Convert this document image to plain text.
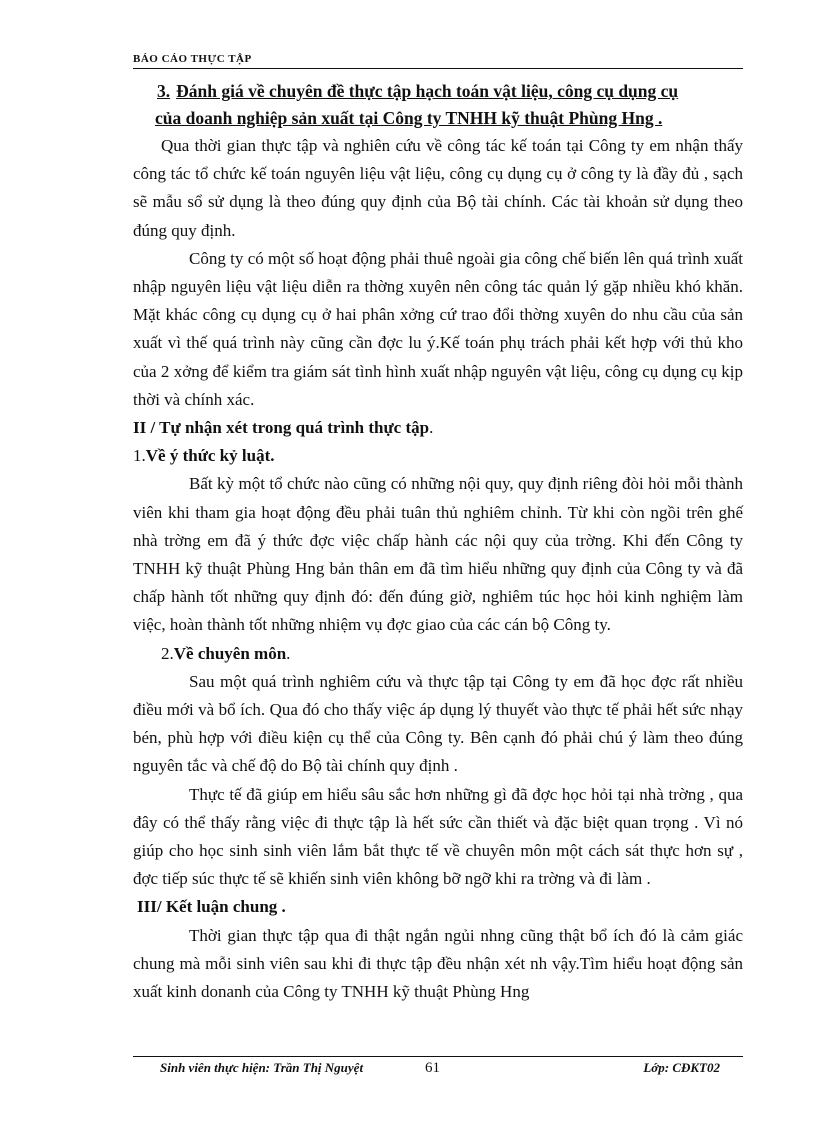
BÁO CÁO THỰC TẬP
3. Đánh giá về chuyên đề thực tập hạch toán vật liệu, công cụ dụng cụ
của doanh nghiệp sản xuất tại Công ty TNHH kỹ thuật Phùng Hng .

Qua thời gian thực tập và nghiên cứu về công tác kế toán tại Công ty em nhận thấy công tác tổ chức kế toán nguyên liệu vật liệu, công cụ dụng cụ ở công ty là đầy đủ , sạch sẽ mẫu sổ sử dụng là theo đúng quy định của Bộ tài chính. Các tài khoản sử dụng theo đúng quy định.

Công ty có một số hoạt động phải thuê ngoài gia công chế biến lên quá trình xuất nhập nguyên liệu vật liệu diễn ra thờng xuyên nên công tác quản lý gặp nhiều khó khăn. Mặt khác công cụ dụng cụ ở hai phân xởng cứ trao đổi thờng xuyên do nhu cầu của sản xuất vì thế quá trình này cũng cần đợc lu ý.Kế toán phụ trách phải kết hợp với thủ kho của 2 xởng để kiểm tra giám sát tình hình xuất nhập nguyên vật liệu, công cụ dụng cụ kịp thời và chính xác.

II / Tự nhận xét trong quá trình thực tập.
1.Về ý thức kỷ luật.

Bất kỳ một tổ chức nào cũng có những nội quy, quy định riêng đòi hỏi mỗi thành viên khi tham gia hoạt động đều phải tuân thủ nghiêm chỉnh. Từ khi còn ngồi trên ghế nhà trờng em đã ý thức đợc việc chấp hành các nội quy của trờng. Khi đến Công ty TNHH kỹ thuật Phùng Hng bản thân em đã tìm hiểu những quy định của Công ty và đã chấp hành tốt những quy định đó: đến đúng giờ, nghiêm túc học hỏi kinh nghiệm làm việc, hoàn thành tốt những nhiệm vụ đợc giao của các cán bộ Công ty.

2.Về chuyên môn.

Sau một quá trình nghiêm cứu và thực tập tại Công ty em đã học đợc rất nhiều điều mới và bổ ích. Qua đó cho thấy việc áp dụng lý thuyết vào thực tế phải hết sức nhạy bén, phù hợp với điều kiện cụ thể của Công ty. Bên cạnh đó phải chú ý làm theo đúng nguyên tắc và chế độ do Bộ tài chính quy định .

Thực tế đã giúp em hiểu sâu sắc hơn những gì đã đợc học hỏi tại nhà trờng , qua đây có thể thấy rằng việc đi thực tập là hết sức cần thiết và đặc biệt quan trọng . Vì nó giúp cho học sinh sinh viên lắm bắt thực tế về chuyên môn một cách sát thực hơn sự , đợc tiếp súc thực tế sẽ khiến sinh viên không bỡ ngỡ khi ra trờng và đi làm .

III/ Kết luận chung .

Thời gian thực tập qua đi thật ngắn ngủi nhng cũng thật bổ ích đó là cảm giác chung mà mỗi sinh viên sau khi đi thực tập đều nhận xét nh vậy.Tìm hiểu hoạt động sản xuất kinh donanh của Công ty TNHH kỹ thuật Phùng Hng

Sinh viên thực hiện: Trần Thị Nguyệt	61	Lớp: CĐKT02
